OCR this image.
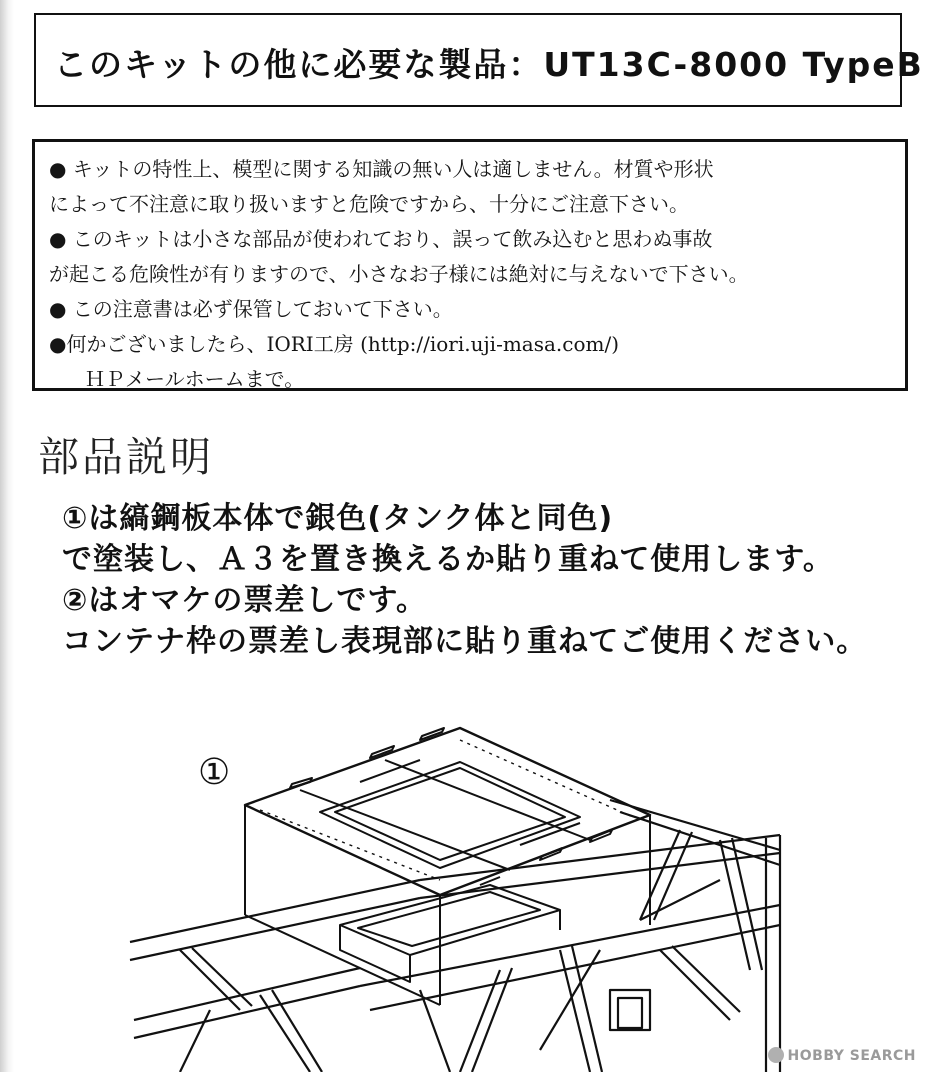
このキットの他に必要な製品：UT13C-8000 TypeB
● キットの特性上、模型に関する知識の無い人は適しません。材質や形状
によって不注意に取り扱いますと危険ですから、十分にご注意下さい。
● このキットは小さな部品が使われており、誤って飲み込むと思わぬ事故
が起こる危険性が有りますので、小さなお子様には絶対に与えないで下さい。
● この注意書は必ず保管しておいて下さい。
●何かございましたら、IORI工房 (http://iori.uji-masa.com/)
ＨＰメールホームまで。
部品説明
①は縞鋼板本体で銀色(タンク体と同色)
で塗装し、Ａ３を置き換えるか貼り重ねて使用します。
②はオマケの票差しです。
コンテナ枠の票差し表現部に貼り重ねてご使用ください。
①
HOBBY SEARCH
